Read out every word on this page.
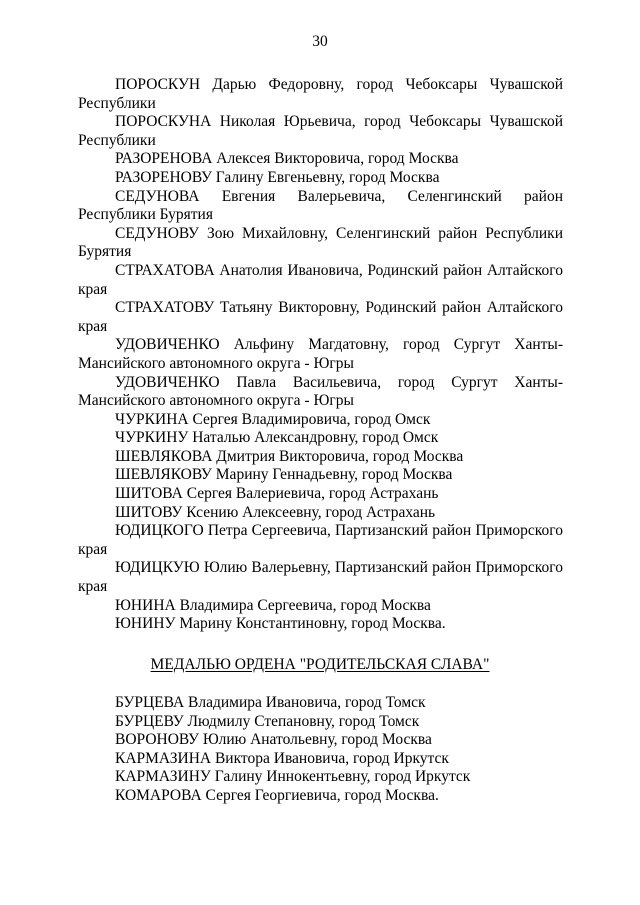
30

ПОРОСКУН Дарью Федоровну, город Чебоксары Чувашской Республики

ПОРОСКУНА Николая Юрьевича, город Чебоксары Чувашской Республики

РАЗОРЕНОВА Алексея Викторовича, город Москва

РАЗОРЕНОВУ Галину Евгеньевну, город Москва

СЕДУНОВА Евгения Валерьевича, Селенгинский район Республики Бурятия

СЕДУНОВУ Зою Михайловну, Селенгинский район Республики Бурятия

СТРАХАТОВА Анатолия Ивановича, Родинский район Алтайского края

СТРАХАТОВУ Татьяну Викторовну, Родинский район Алтайского края

УДОВИЧЕНКО Альфину Магдатовну, город Сургут Ханты-Мансийского автономного округа - Югры

УДОВИЧЕНКО Павла Васильевича, город Сургут Ханты-Мансийского автономного округа - Югры

ЧУРКИНА Сергея Владимировича, город Омск

ЧУРКИНУ Наталью Александровну, город Омск

ШЕВЛЯКОВА Дмитрия Викторовича, город Москва

ШЕВЛЯКОВУ Марину Геннадьевну, город Москва

ШИТОВА Сергея Валериевича, город Астрахань

ШИТОВУ Ксению Алексеевну, город Астрахань

ЮДИЦКОГО Петра Сергеевича, Партизанский район Приморского края

ЮДИЦКУЮ Юлию Валерьевну, Партизанский район Приморского края

ЮНИНА Владимира Сергеевича, город Москва

ЮНИНУ Марину Константиновну, город Москва.

МЕДАЛЬЮ ОРДЕНА "РОДИТЕЛЬСКАЯ СЛАВА"

БУРЦЕВА Владимира Ивановича, город Томск

БУРЦЕВУ Людмилу Степановну, город Томск

ВОРОНОВУ Юлию Анатольевну, город Москва

КАРМАЗИНА Виктора Ивановича, город Иркутск

КАРМАЗИНУ Галину Иннокентьевну, город Иркутск

КОМАРОВА Сергея Георгиевича, город Москва.
